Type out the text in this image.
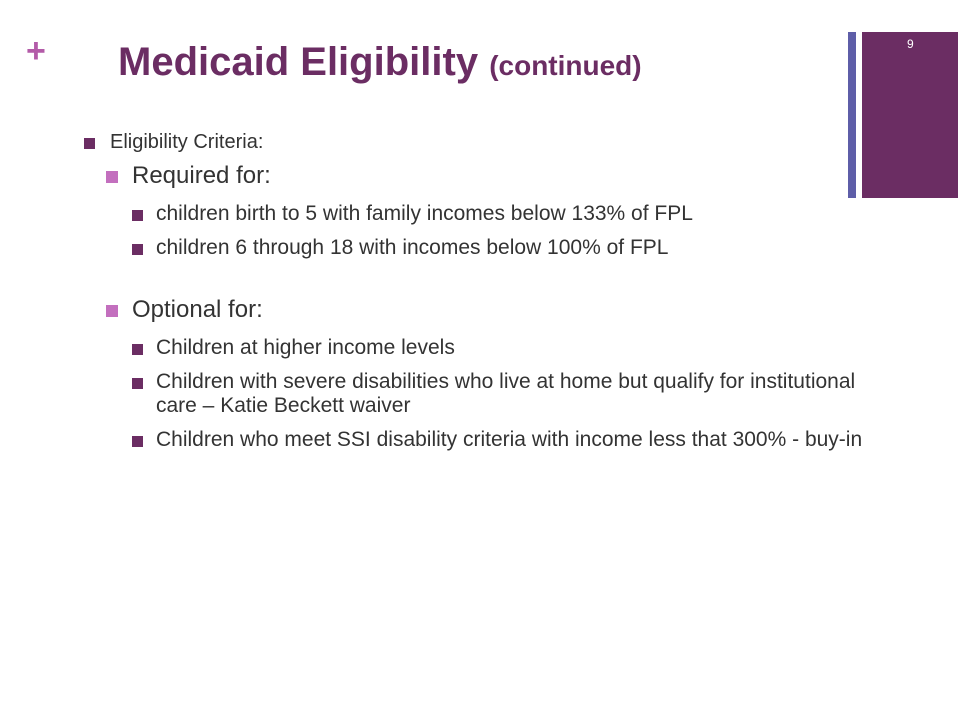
+ Medicaid Eligibility (continued)
9
Eligibility Criteria:
Required for:
children birth to 5 with family incomes below 133% of FPL
children 6 through 18 with incomes below 100% of FPL
Optional for:
Children at higher income levels
Children with severe disabilities who live at home but qualify for institutional care – Katie Beckett waiver
Children who meet SSI disability criteria with income less that 300% - buy-in
